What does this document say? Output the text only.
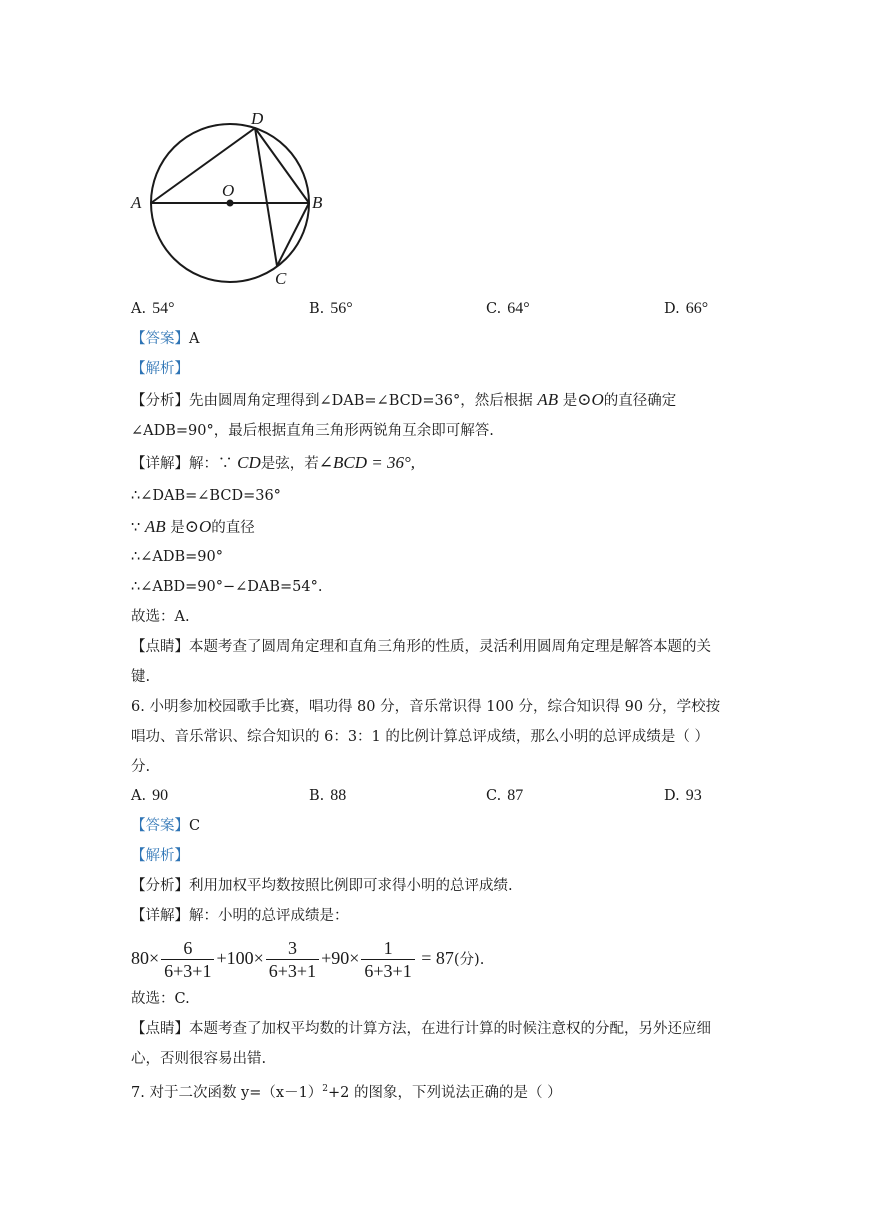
A	B
C
D
O
A. 54°	B. 56°	C. 64°	D. 66°
【答案】A
【解析】
【分析】先由圆周角定理得到∠DAB=∠BCD=36°，然后根据 AB 是⊙O的直径确定
∠ADB=90°，最后根据直角三角形两锐角互余即可解答.
【详解】解：∵ CD是弦，若∠BCD = 36°,
∴∠DAB=∠BCD=36°
∵ AB 是⊙O的直径
∴∠ADB=90°
∴∠ABD=90°−∠DAB=54°.
故选：A.
【点睛】本题考查了圆周角定理和直角三角形的性质，灵活利用圆周角定理是解答本题的关
键.
6. 小明参加校园歌手比赛，唱功得 80 分，音乐常识得 100 分，综合知识得 90 分，学校按
唱功、音乐常识、综合知识的 6：3：1 的比例计算总评成绩，那么小明的总评成绩是（ ）
分.
A. 90	B. 88	C. 87	D. 93
【答案】C
【解析】
【分析】利用加权平均数按照比例即可求得小明的总评成绩.
【详解】解：小明的总评成绩是：
$80\times \frac{6}{6+3+1} +100\times \frac{3}{6+3+1} +90\times \frac{1}{6+3+1} = 87$(分).
故选：C.
【点睛】本题考查了加权平均数的计算方法，在进行计算的时候注意权的分配，另外还应细
心，否则很容易出错.
7. 对于二次函数 $y=(x-1)^2+2$ 的图象，下列说法正确的是（ ）
